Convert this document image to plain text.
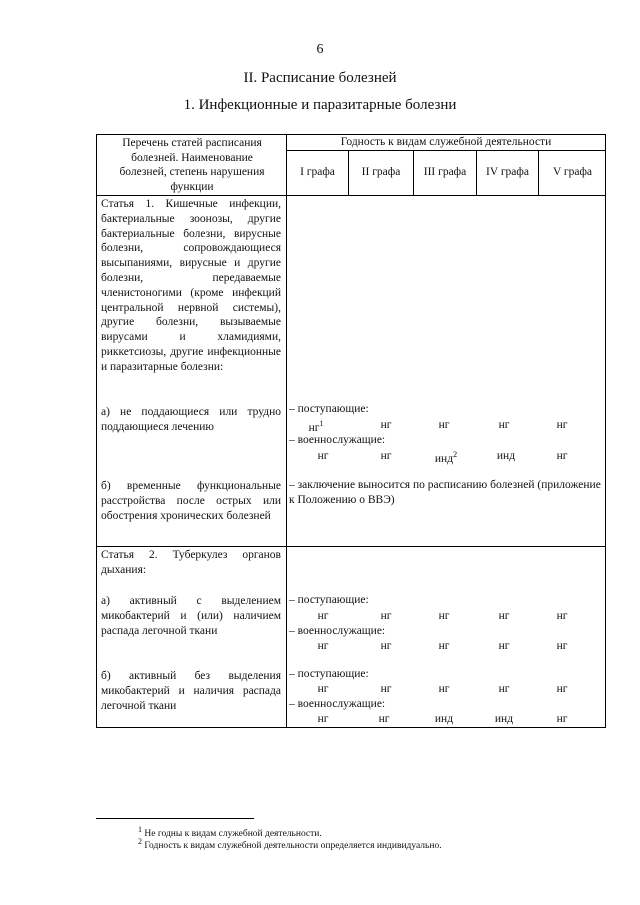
6
II. Расписание болезней
1. Инфекционные и паразитарные болезни
Перечень статей расписания болезней. Наименование болезней, степень нарушения функции
Годность к видам служебной деятельности
I графа	II графа	III графа	IV графа	V графа
Статья 1. Кишечные инфекции, бактериальные зоонозы, другие бактериальные болезни, вирусные болезни, сопровождающиеся высыпаниями, вирусные и другие болезни, передаваемые членистоногими (кроме инфекций центральной нервной системы), другие болезни, вызываемые вирусами и хламидиями, риккетсиозы, другие инфекционные и паразитарные болезни:
а) не поддающиеся или трудно поддающиеся лечению
– поступающие:
$нг^1$	нг	нг	нг	нг
– военнослужащие:
нг	нг	инд$^2$	инд	нг
б) временные функциональные расстройства после острых или обострения хронических болезней
– заключение выносится по расписанию болезней (приложение к Положению о ВВЭ)
Статья 2. Туберкулез органов дыхания:
а) активный с выделением микобактерий и (или) наличием распада легочной ткани
– поступающие:
нг	нг	нг	нг	нг
– военнослужащие:
нг	нг	нг	нг	нг
б) активный без выделения микобактерий и наличия распада легочной ткани
– поступающие:
нг	нг	нг	нг	нг
– военнослужащие:
нг	нг	инд	инд	нг
$^1$ Не годны к видам служебной деятельности.
$^2$ Годность к видам служебной деятельности определяется индивидуально.
